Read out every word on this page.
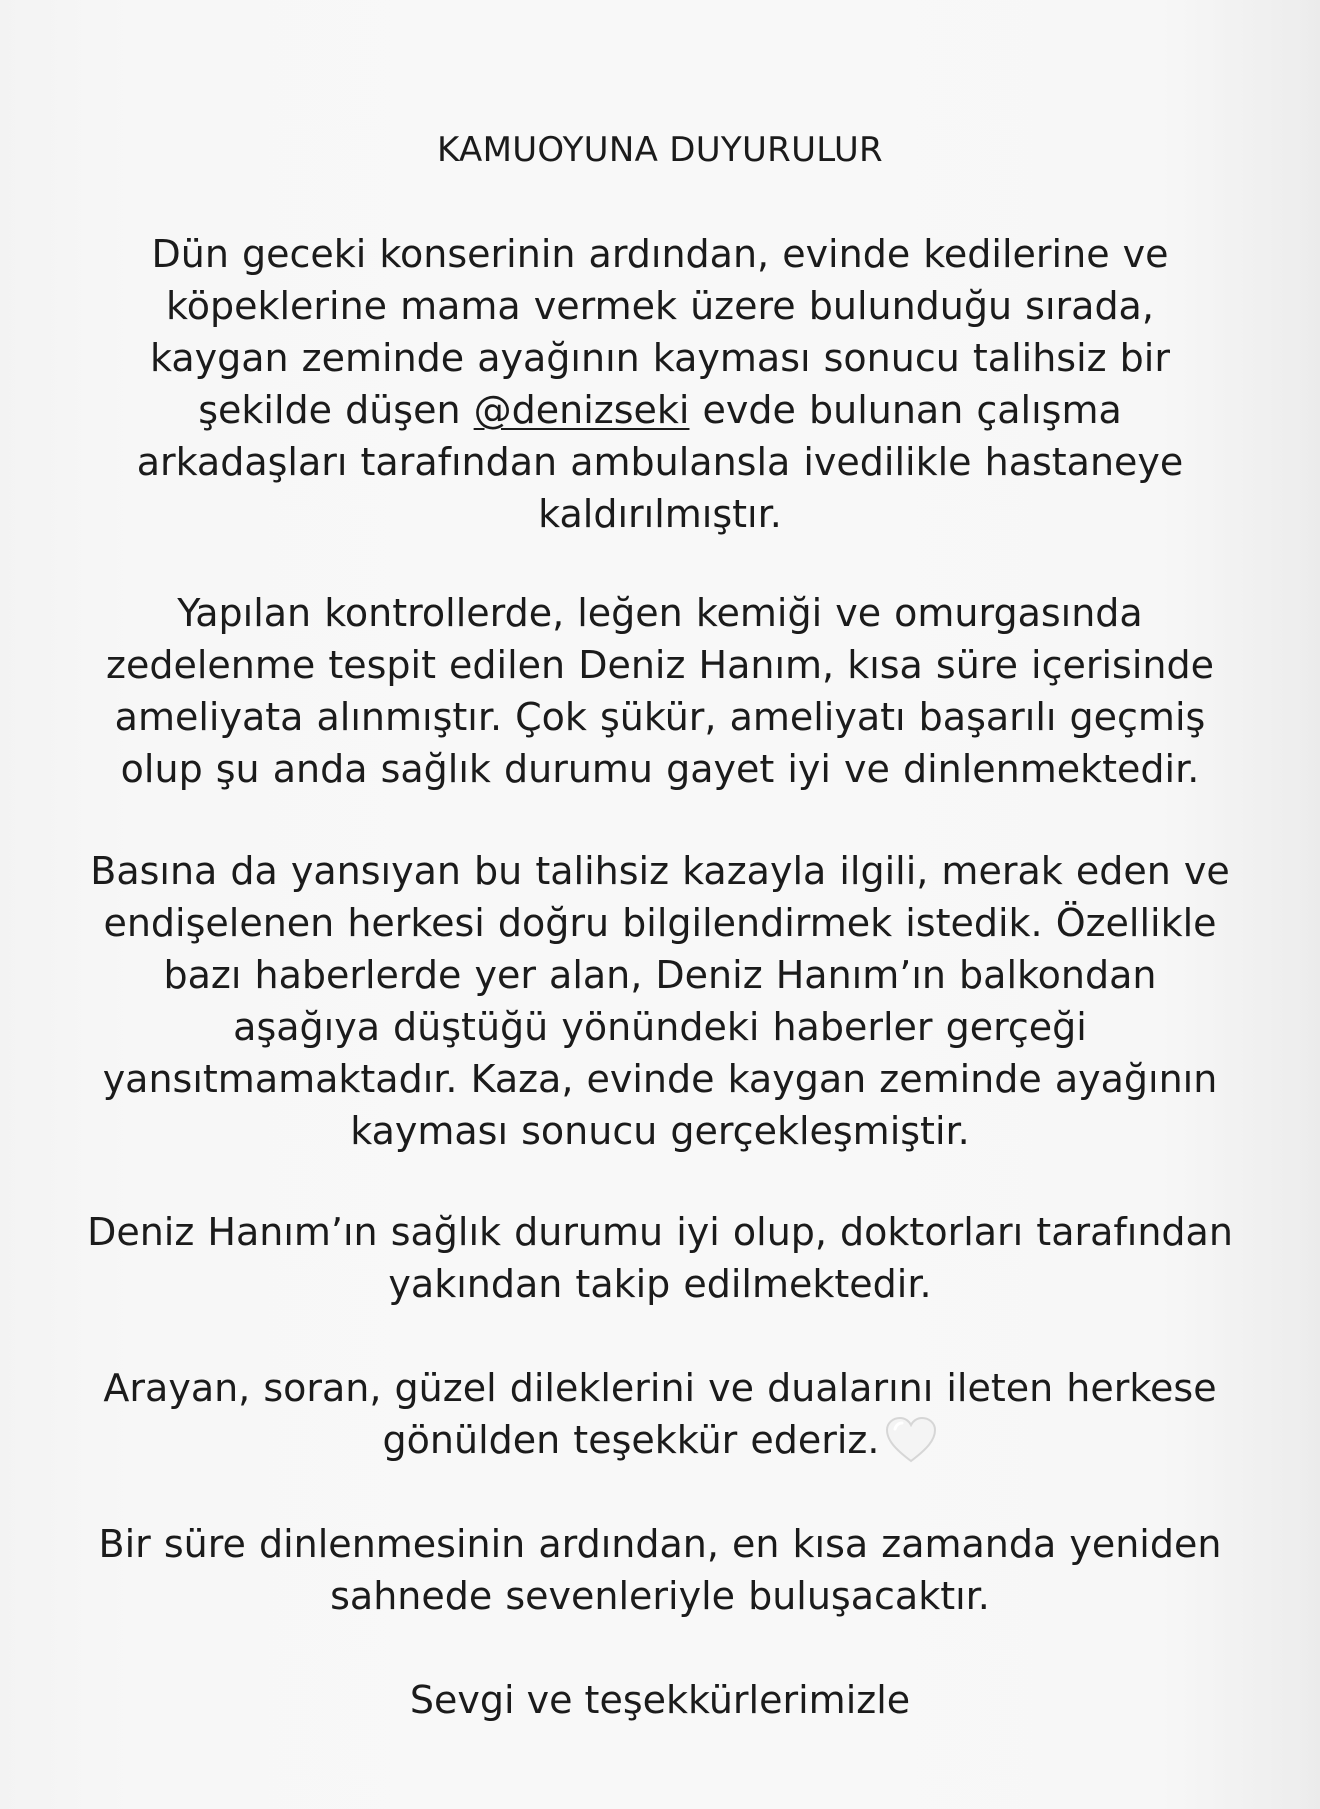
KAMUOYUNA DUYURULUR
Dün geceki konserinin ardından, evinde kedilerine ve
köpeklerine mama vermek üzere bulunduğu sırada,
kaygan zeminde ayağının kayması sonucu talihsiz bir
şekilde düşen @denizseki evde bulunan çalışma
arkadaşları tarafından ambulansla ivedilikle hastaneye
kaldırılmıştır.
Yapılan kontrollerde, leğen kemiği ve omurgasında
zedelenme tespit edilen Deniz Hanım, kısa süre içerisinde
ameliyata alınmıştır. Çok şükür, ameliyatı başarılı geçmiş
olup şu anda sağlık durumu gayet iyi ve dinlenmektedir.
Basına da yansıyan bu talihsiz kazayla ilgili, merak eden ve
endişelenen herkesi doğru bilgilendirmek istedik. Özellikle
bazı haberlerde yer alan, Deniz Hanım’ın balkondan
aşağıya düştüğü yönündeki haberler gerçeği
yansıtmamaktadır. Kaza, evinde kaygan zeminde ayağının
kayması sonucu gerçekleşmiştir.
Deniz Hanım’ın sağlık durumu iyi olup, doktorları tarafından
yakından takip edilmektedir.
Arayan, soran, güzel dileklerini ve dualarını ileten herkese
gönülden teşekkür ederiz.
Bir süre dinlenmesinin ardından, en kısa zamanda yeniden
sahnede sevenleriyle buluşacaktır.
Sevgi ve teşekkürlerimizle
